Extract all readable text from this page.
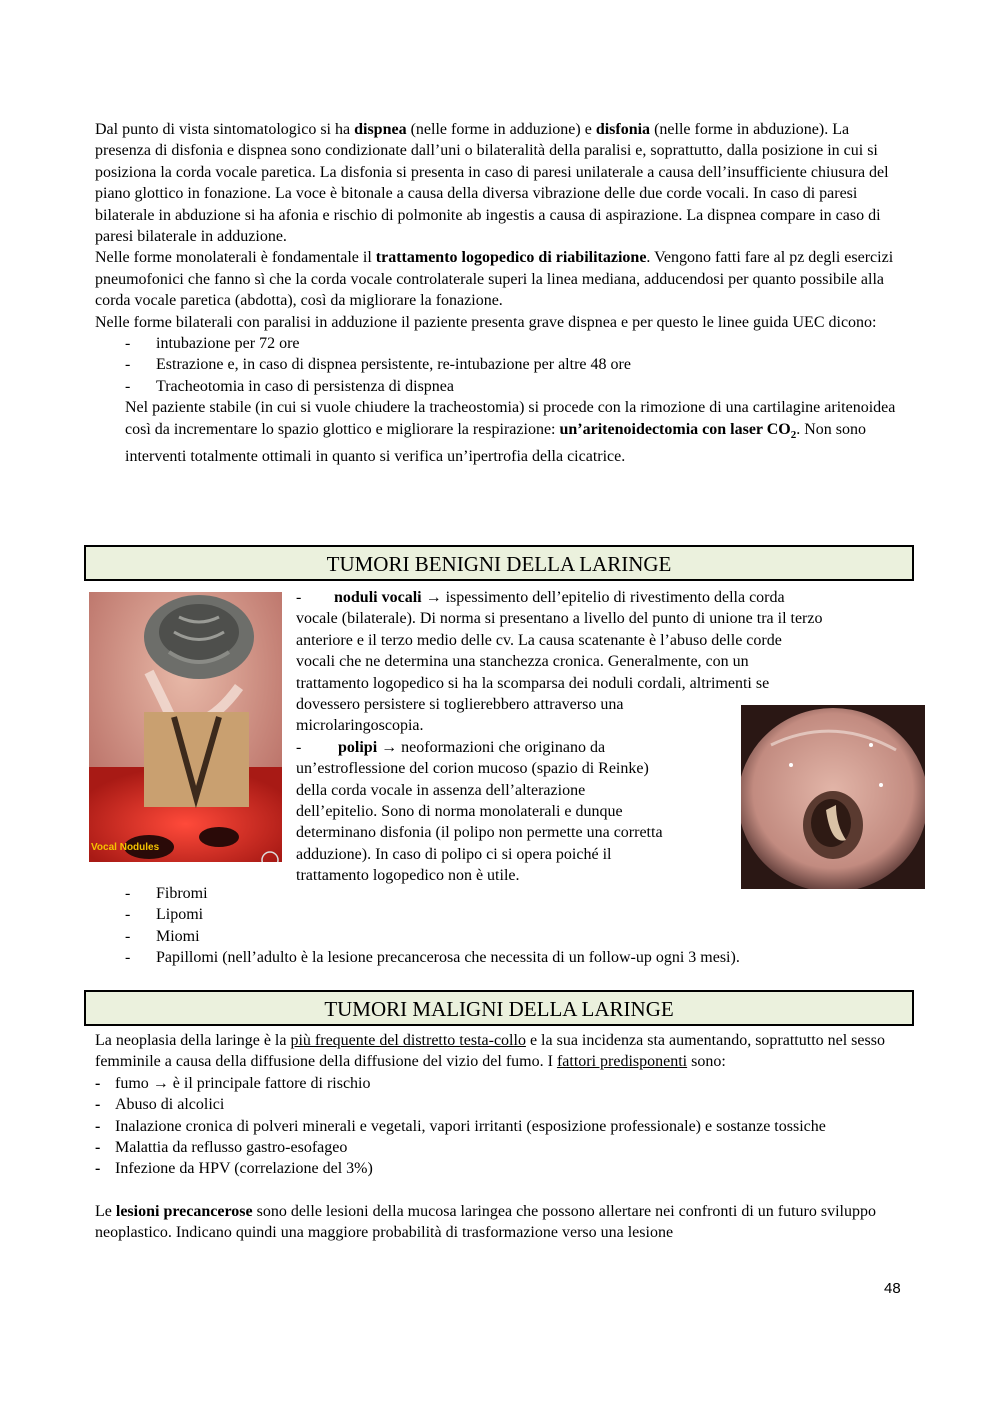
Dal punto di vista sintomatologico si ha dispnea (nelle forme in adduzione) e disfonia (nelle forme in abduzione). La presenza di disfonia e dispnea sono condizionate dall’uni o bilateralità della paralisi e, soprattutto, dalla posizione in cui si posiziona la corda vocale paretica. La disfonia si presenta in caso di paresi unilaterale a causa dell’insufficiente chiusura del piano glottico in fonazione. La voce è bitonale a causa della diversa vibrazione delle due corde vocali. In caso di paresi bilaterale in abduzione si ha afonia e rischio di polmonite ab ingestis a causa di aspirazione. La dispnea compare in caso di paresi bilaterale in adduzione.

Nelle forme monolaterali è fondamentale il trattamento logopedico di riabilitazione. Vengono fatti fare al pz degli esercizi pneumofonici che fanno sì che la corda vocale controlaterale superi la linea mediana, adducendosi per quanto possibile alla corda vocale paretica (abdotta), così da migliorare la fonazione.

Nelle forme bilaterali con paralisi in adduzione il paziente presenta grave dispnea e per questo le linee guida UEC dicono:

- intubazione per 72 ore
- Estrazione e, in caso di dispnea persistente, re-intubazione per altre 48 ore
- Tracheotomia in caso di persistenza di dispnea

Nel paziente stabile (in cui si vuole chiudere la tracheostomia) si procede con la rimozione di una cartilagine aritenoidea così da incrementare lo spazio glottico e migliorare la respirazione: un’aritenoidectomia con laser $CO_2$. Non sono interventi totalmente ottimali in quanto si verifica un’ipertrofia della cicatrice.

TUMORI BENIGNI DELLA LARINGE
Vocal Nodules

- noduli vocali → ispessimento dell’epitelio di rivestimento della corda

vocale (bilaterale). Di norma si presentano a livello del punto di unione tra il terzo

anteriore e il terzo medio delle cv. La causa scatenante è l’abuso delle corde

vocali che ne determina una stanchezza cronica. Generalmente, con un

trattamento logopedico si ha la scomparsa dei noduli cordali, altrimenti se

dovessero persistere si toglierebbero attraverso una

microlaringoscopia.

- polipi → neoformazioni che originano da

un’estroflessione del corion mucoso (spazio di Reinke)

della corda vocale in assenza dell’alterazione

dell’epitelio. Sono di norma monolaterali e dunque

determinano disfonia (il polipo non permette una corretta

adduzione). In caso di polipo ci si opera poiché il

trattamento logopedico non è utile.

- Fibromi
- Lipomi
- Miomi
- Papillomi (nell’adulto è la lesione precancerosa che necessita di un follow-up ogni 3 mesi).
TUMORI MALIGNI DELLA LARINGE

La neoplasia della laringe è la più frequente del distretto testa-collo e la sua incidenza sta aumentando, soprattutto nel sesso femminile a causa della diffusione della diffusione del vizio del fumo. I fattori predisponenti sono:

- fumo → è il principale fattore di rischio
- Abuso di alcolici
- Inalazione cronica di polveri minerali e vegetali, vapori irritanti (esposizione professionale) e sostanze tossiche
- Malattia da reflusso gastro-esofageo
- Infezione da HPV (correlazione del 3%)

Le lesioni precancerose sono delle lesioni della mucosa laringea che possono allertare nei confronti di un futuro sviluppo neoplastico. Indicano quindi una maggiore probabilità di trasformazione verso una lesione

48
